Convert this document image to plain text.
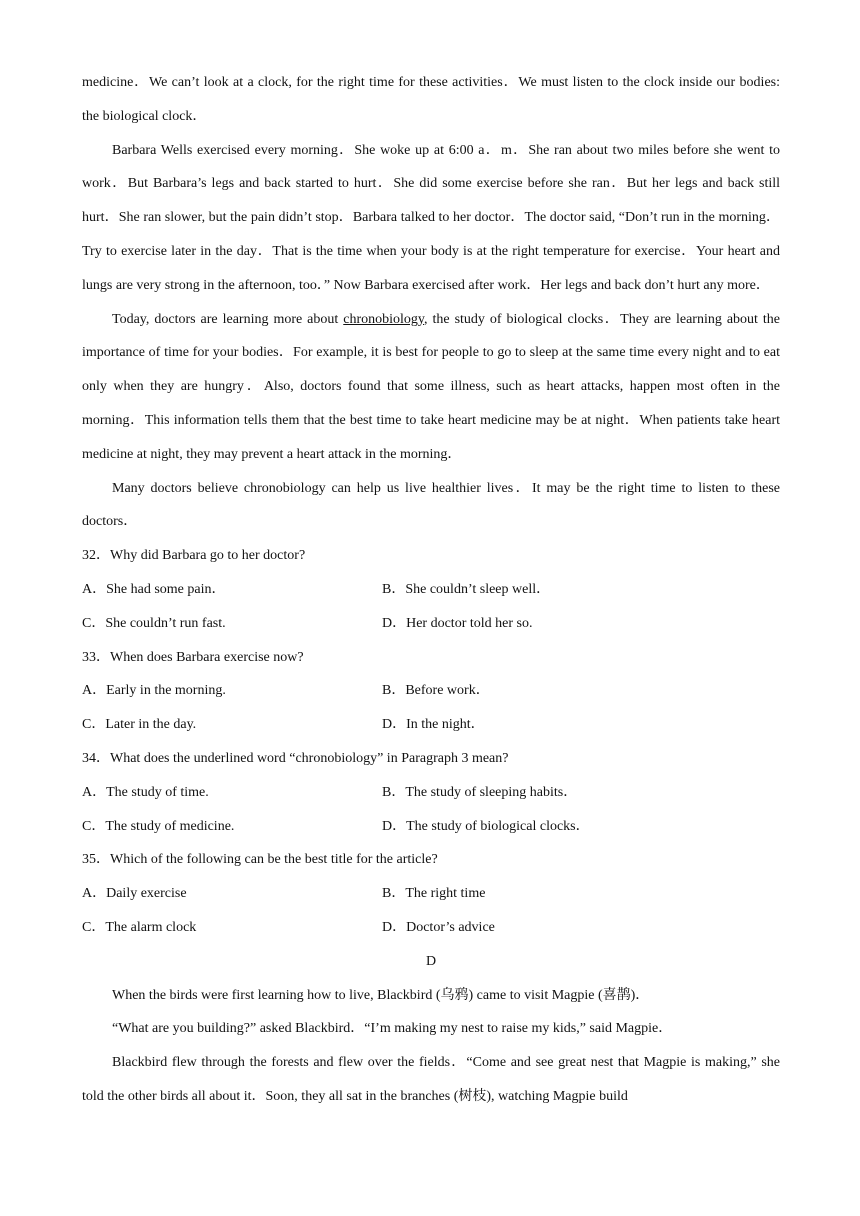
medicine．We can’t look at a clock, for the right time for these activities．We must listen to the clock inside our bodies: the biological clock．

Barbara Wells exercised every morning．She woke up at 6:00 a．m．She ran about two miles before she went to work．But Barbara’s legs and back started to hurt．She did some exercise before she ran．But her legs and back still hurt．She ran slower, but the pain didn’t stop．Barbara talked to her doctor．The doctor said, “Don’t run in the morning．Try to exercise later in the day．That is the time when your body is at the right temperature for exercise．Your heart and lungs are very strong in the afternoon, too．” Now Barbara exercised after work．Her legs and back don’t hurt any more．

Today, doctors are learning more about chronobiology, the study of biological clocks．They are learning about the importance of time for your bodies．For example, it is best for people to go to sleep at the same time every night and to eat only when they are hungry．Also, doctors found that some illness, such as heart attacks, happen most often in the morning．This information tells them that the best time to take heart medicine may be at night．When patients take heart medicine at night, they may prevent a heart attack in the morning．

Many doctors believe chronobiology can help us live healthier lives．It may be the right time to listen to these doctors．

32．Why did Barbara go to her doctor?

A．She had some pain．	B．She couldn’t sleep well．
C．She couldn’t run fast.	D．Her doctor told her so.

33．When does Barbara exercise now?

A．Early in the morning.	B．Before work．
C．Later in the day.	D．In the night．

34．What does the underlined word “chronobiology” in Paragraph 3 mean?

A．The study of time.	B．The study of sleeping habits．
C．The study of medicine.	D．The study of biological clocks．

35．Which of the following can be the best title for the article?

A．Daily exercise	B．The right time
C．The alarm clock	D．Doctor’s advice

D

When the birds were first learning how to live, Blackbird (乌鸦) came to visit Magpie (喜鹊)．

“What are you building?” asked Blackbird．“I’m making my nest to raise my kids,” said Magpie．

Blackbird flew through the forests and flew over the fields．“Come and see great nest that Magpie is making,” she told the other birds all about it．Soon, they all sat in the branches (树枝), watching Magpie build
